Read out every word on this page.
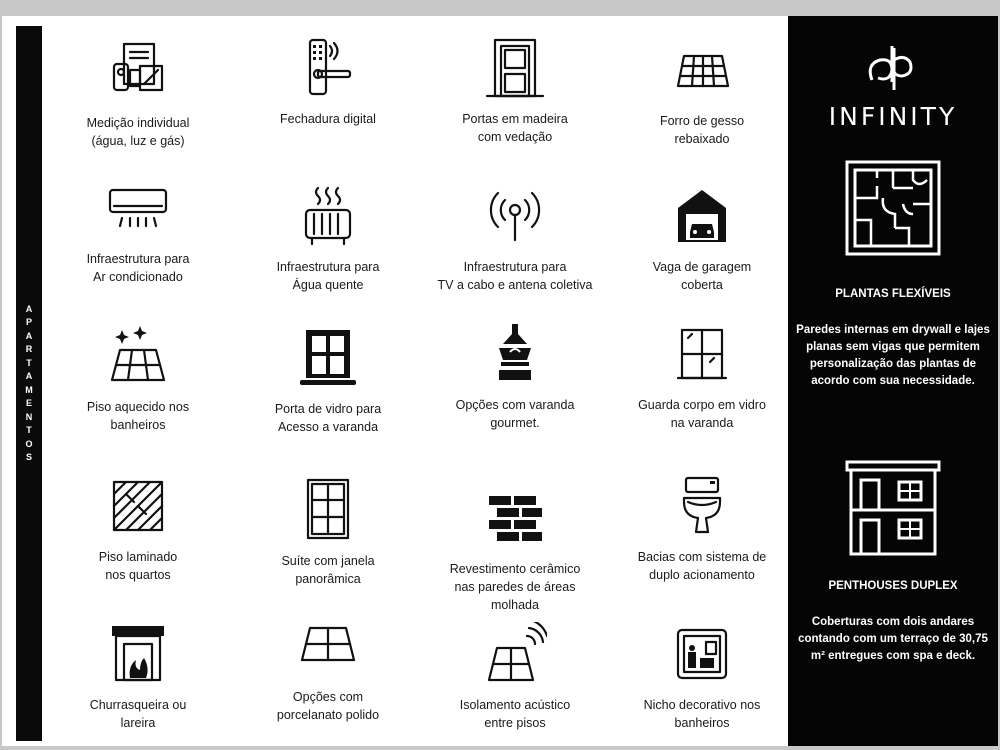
APARTAMENTOS
Medição individual
(água, luz e gás)
Fechadura digital	Portas em madeira
com vedação
Forro de gesso
rebaixado
Infraestrutura para
Ar condicionado
Infraestrutura para
Água quente
Infraestrutura para
TV a cabo e antena coletiva
Vaga de garagem
coberta
Piso aquecido nos
banheiros
Porta de vidro para
Acesso a varanda
Opções com varanda
gourmet.
Guarda corpo em vidro
na varanda
Piso laminado
nos quartos
Suíte com janela
panorâmica
Revestimento cerâmico
nas paredes de áreas
molhada
Bacias com sistema de
duplo acionamento
Churrasqueira ou
lareira
Opções com
porcelanato polido
Isolamento acústico
entre pisos
Nicho decorativo nos
banheiros
INFINITY
PLANTAS FLEXÍVEIS
Paredes internas em drywall e lajes planas sem vigas que permitem personalização das plantas de acordo com sua necessidade.
PENTHOUSES DUPLEX
Coberturas com dois andares contando com um terraço de 30,75 m² entregues com spa e deck.
